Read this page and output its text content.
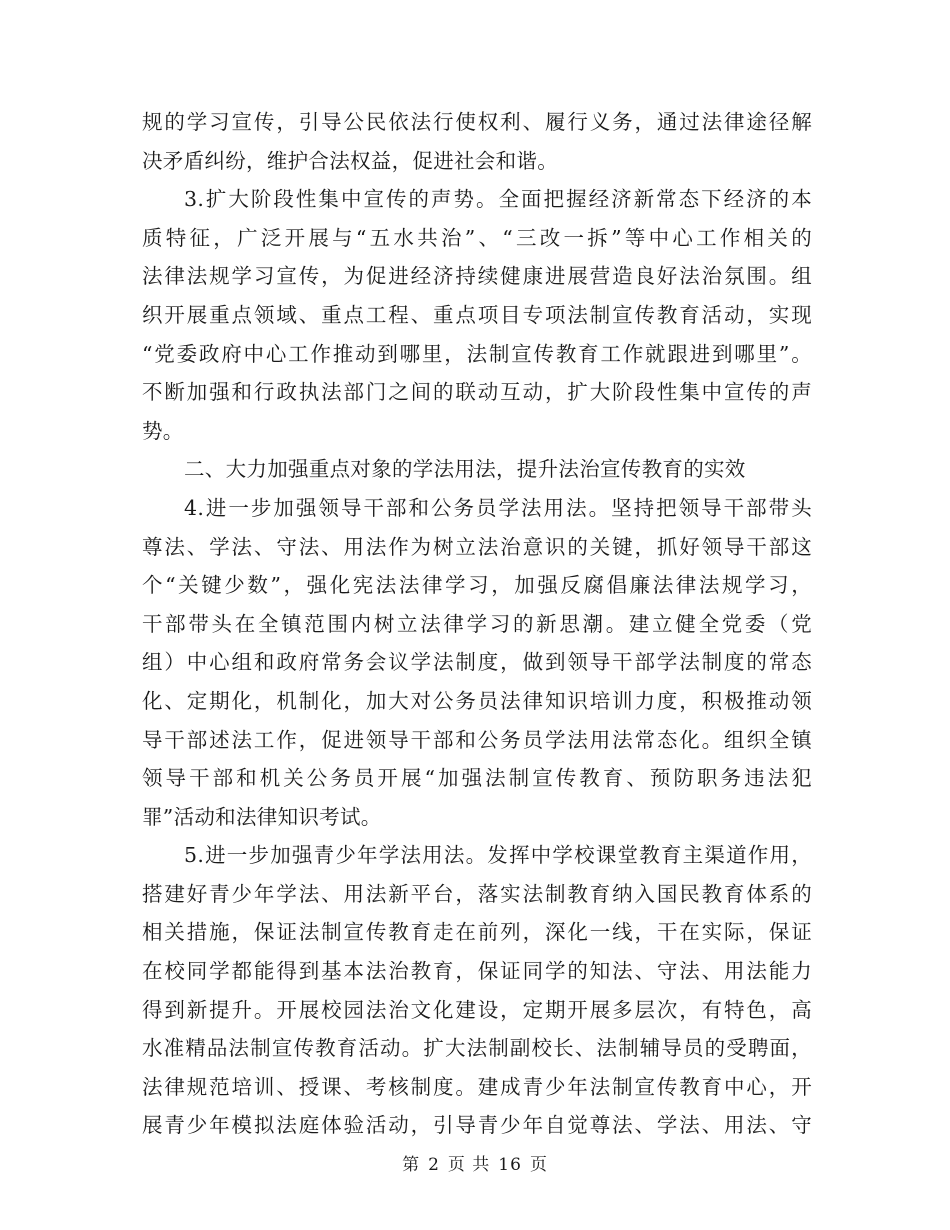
规的学习宣传，引导公民依法行使权利、履行义务，通过法律途径解
决矛盾纠纷，维护合法权益，促进社会和谐。
3.扩大阶段性集中宣传的声势。全面把握经济新常态下经济的本
质特征，广泛开展与“五水共治”、“三改一拆”等中心工作相关的
法律法规学习宣传，为促进经济持续健康进展营造良好法治氛围。组
织开展重点领域、重点工程、重点项目专项法制宣传教育活动，实现
“党委政府中心工作推动到哪里，法制宣传教育工作就跟进到哪里”。
不断加强和行政执法部门之间的联动互动，扩大阶段性集中宣传的声
势。
二、大力加强重点对象的学法用法，提升法治宣传教育的实效
4.进一步加强领导干部和公务员学法用法。坚持把领导干部带头
尊法、学法、守法、用法作为树立法治意识的关键，抓好领导干部这
个“关键少数”，强化宪法法律学习，加强反腐倡廉法律法规学习，
干部带头在全镇范围内树立法律学习的新思潮。建立健全党委（党
组）中心组和政府常务会议学法制度，做到领导干部学法制度的常态
化、定期化，机制化，加大对公务员法律知识培训力度，积极推动领
导干部述法工作，促进领导干部和公务员学法用法常态化。组织全镇
领导干部和机关公务员开展“加强法制宣传教育、预防职务违法犯
罪”活动和法律知识考试。
5.进一步加强青少年学法用法。发挥中学校课堂教育主渠道作用，
搭建好青少年学法、用法新平台，落实法制教育纳入国民教育体系的
相关措施，保证法制宣传教育走在前列，深化一线，干在实际，保证
在校同学都能得到基本法治教育，保证同学的知法、守法、用法能力
得到新提升。开展校园法治文化建设，定期开展多层次，有特色，高
水准精品法制宣传教育活动。扩大法制副校长、法制辅导员的受聘面，
法律规范培训、授课、考核制度。建成青少年法制宣传教育中心，开
展青少年模拟法庭体验活动，引导青少年自觉尊法、学法、用法、守
第 2 页 共 16 页
